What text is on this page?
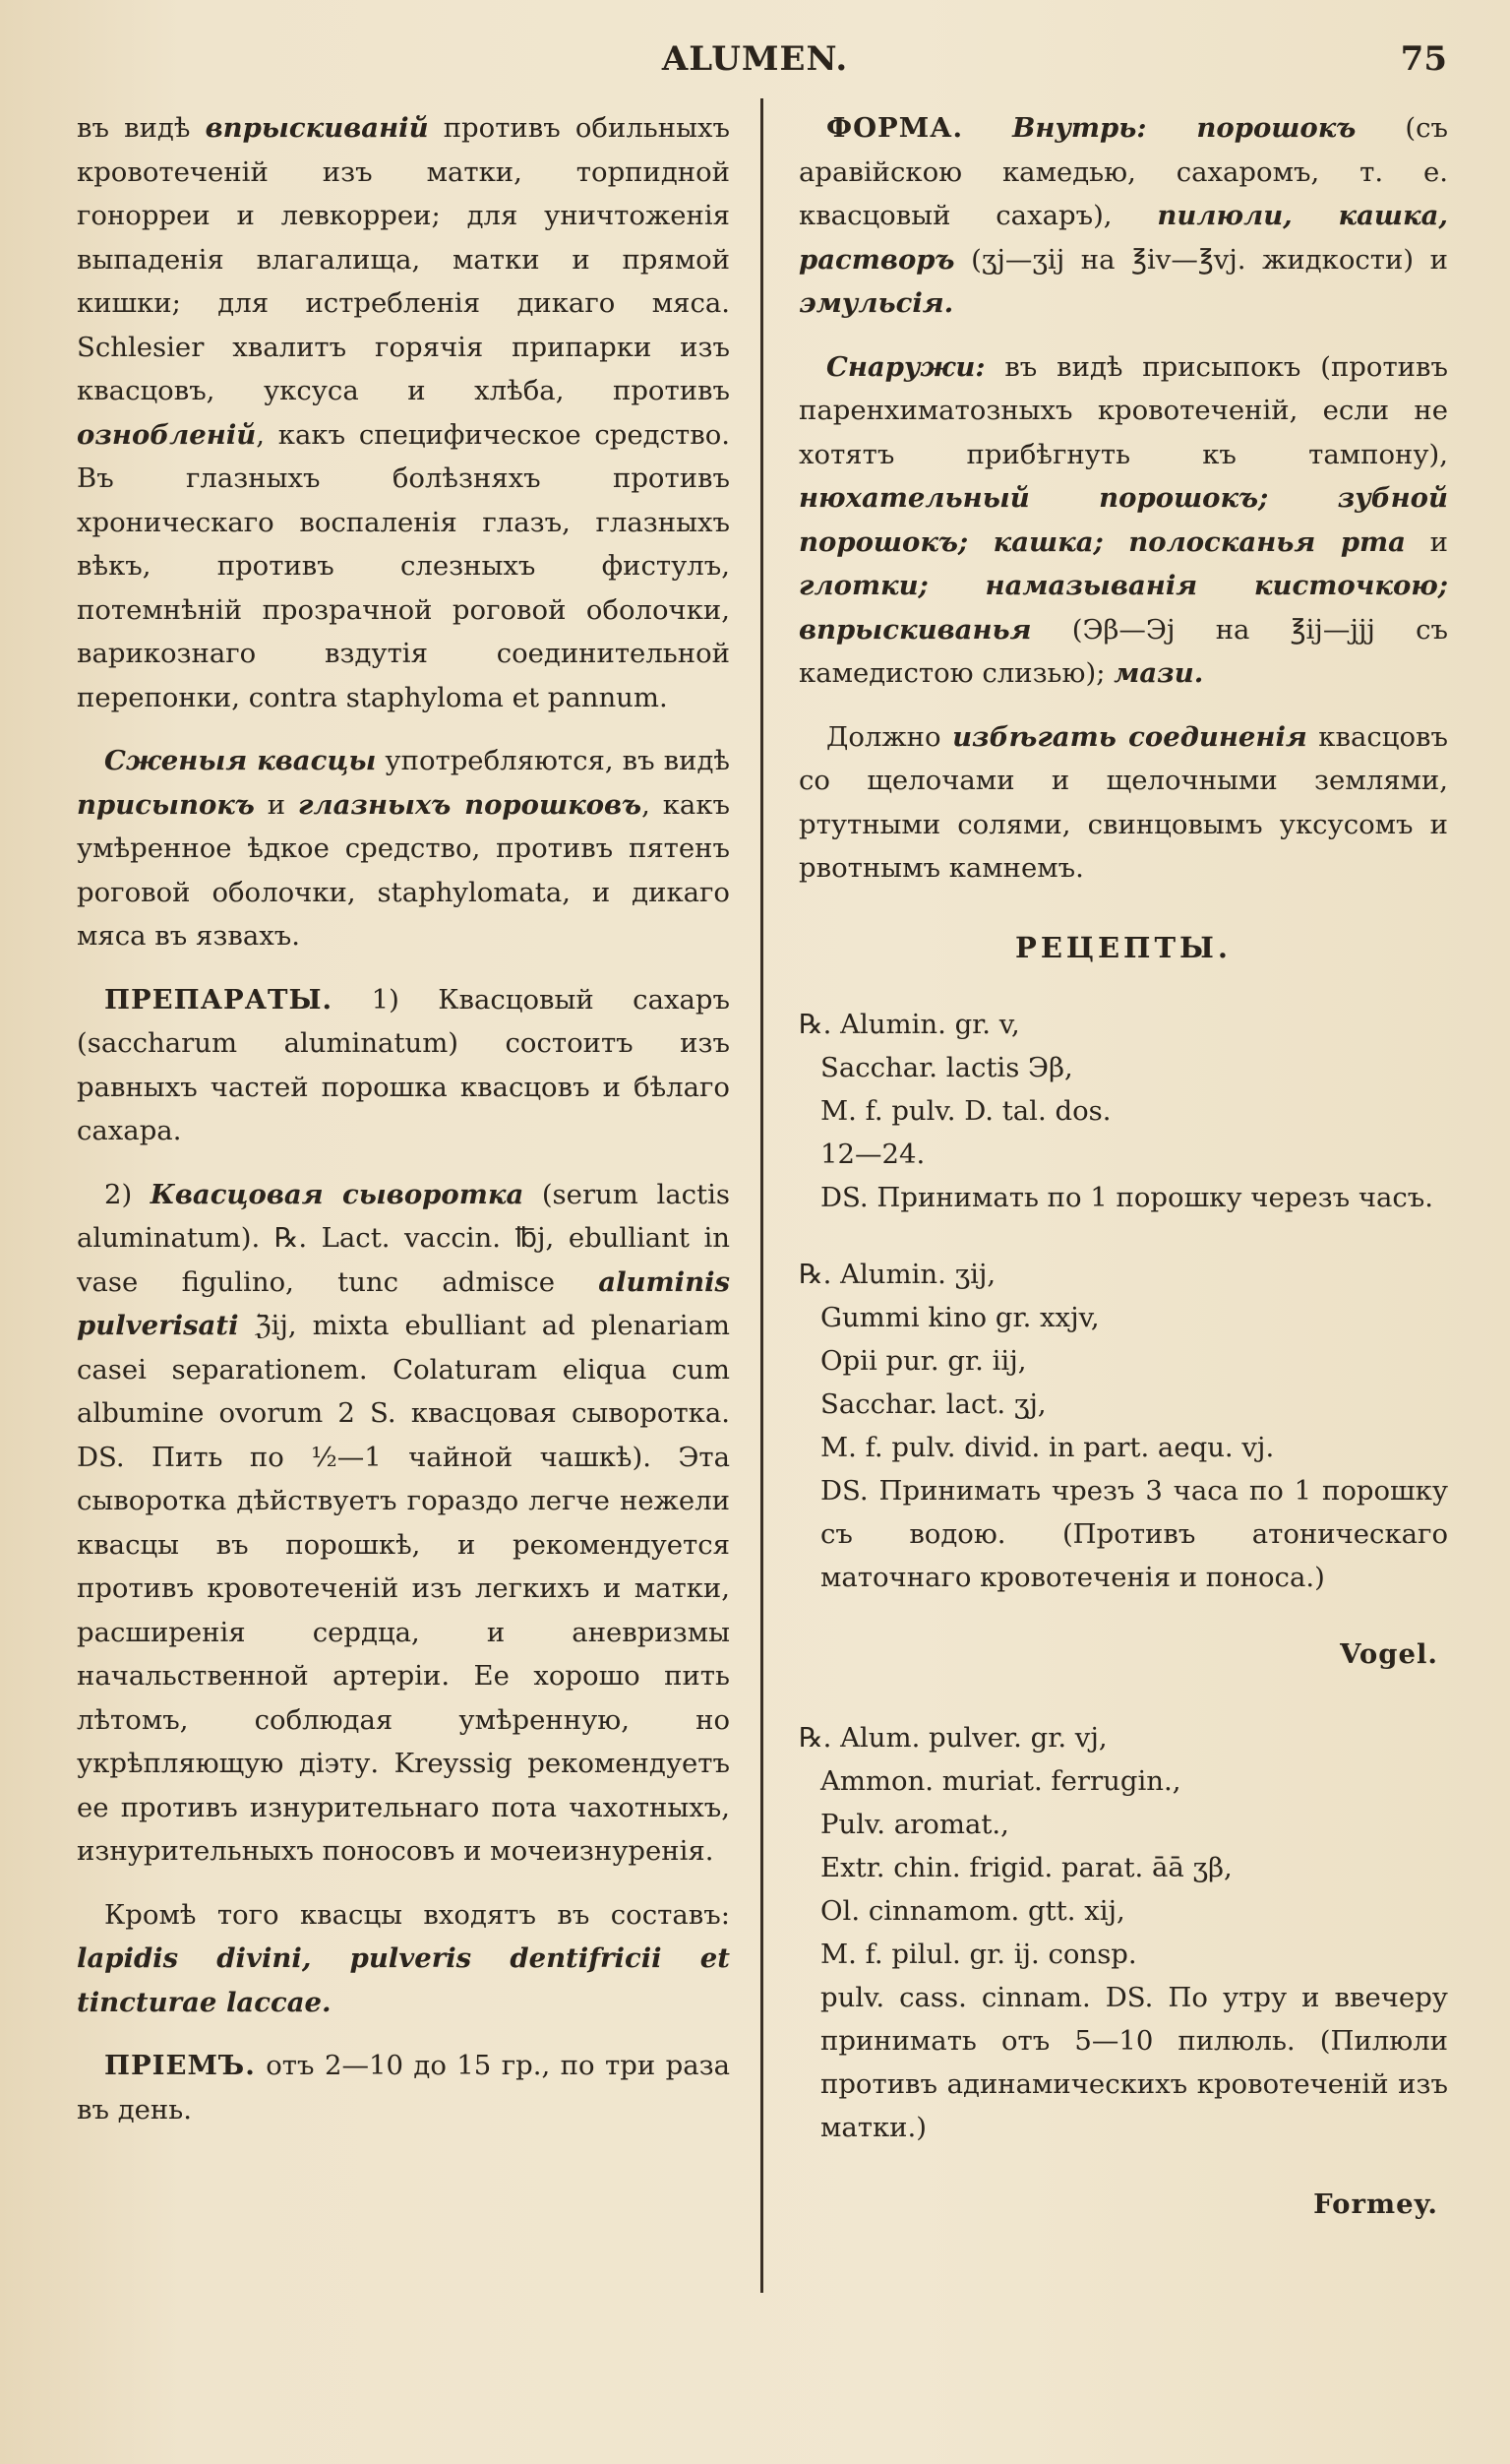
ALUMEN.	75

въ видѣ впрыскиваній противъ обильныхъ кровотеченій изъ матки, торпидной гонорреи и левкорреи; для уничтоженія выпаденія влагалища, матки и прямой кишки; для истребленія дикаго мяса. Schlesier хвалитъ горячія припарки изъ квасцовъ, уксуса и хлѣба, противъ ознобленій, какъ специфическое средство. Въ глазныхъ болѣзняхъ противъ хроническаго воспаленія глазъ, глазныхъ вѣкъ, противъ слезныхъ фистулъ, потемнѣній прозрачной роговой оболочки, варикознаго вздутія соединительной перепонки, contra staphyloma et pannum.

Сженыя квасцы употребляются, въ видѣ присыпокъ и глазныхъ порошковъ, какъ умѣренное ѣдкое средство, противъ пятенъ роговой оболочки, staphylomata, и дикаго мяса въ язвахъ.

ПРЕПАРАТЫ. 1) Квасцовый сахаръ (saccharum aluminatum) состоитъ изъ равныхъ частей порошка квасцовъ и бѣлаго сахара.

2) Квасцовая сыворотка (serum lactis aluminatum). ℞. Lact. vaccin. ℔j, ebulliant in vase figulino, tunc admisce aluminis pulverisati ℨij, mixta ebulliant ad plenariam casei separationem. Colaturam eliqua cum albumine ovorum 2 S. квасцовая сыворотка. DS. Пить по ½—1 чайной чашкѣ). Эта сыворотка дѣйствуетъ гораздо легче нежели квасцы въ порошкѣ, и рекомендуется противъ кровотеченій изъ легкихъ и матки, расширенія сердца, и аневризмы начальственной артеріи. Ее хорошо пить лѣтомъ, соблюдая умѣренную, но укрѣпляющую діэту. Kreyssig рекомендуетъ ее противъ изнурительнаго пота чахотныхъ, изнурительныхъ поносовъ и мочеизнуренія.

Кромѣ того квасцы входятъ въ составъ: lapidis divini, pulveris dentifricii et tincturae laccae.

ПРІЕМЪ. отъ 2—10 до 15 гр., по три раза въ день.

ФОРМА. Внутрь: порошокъ (съ аравійскою камедью, сахаромъ, т. е. квасцовый сахаръ), пилюли, кашка, растворъ (ʒj—ʒij на ℥iv—℥vj. жидкости) и эмульсія.

Снаружи: въ видѣ присыпокъ (противъ паренхиматозныхъ кровотеченій, если не хотятъ прибѣгнуть къ тампону), нюхательный порошокъ; зубной порошокъ; кашка; полосканья рта и глотки; намазыванія кисточкою; впрыскиванья (Эβ—Эj на ℥ij—jjj съ камедистою слизью); мази.

Должно избѣгать соединенія квасцовъ со щелочами и щелочными землями, ртутными солями, свинцовымъ уксусомъ и рвотнымъ камнемъ.

РЕЦЕПТЫ.

℞. Alumin. gr. v,

Sacchar. lactis Эβ,

M. f. pulv. D. tal. dos.

12—24.

DS. Принимать по 1 порошку черезъ часъ.

℞. Alumin. ʒij,

Gummi kino gr. xxjv,

Opii pur. gr. iij,

Sacchar. lact. ʒj,

M. f. pulv. divid. in part. aequ. vj.

DS. Принимать чрезъ 3 часа по 1 порошку съ водою. (Противъ атоническаго маточнаго кровотеченія и поноса.)

Vogel.

℞. Alum. pulver. gr. vj,

Ammon. muriat. ferrugin.,

Pulv. aromat.,

Extr. chin. frigid. parat. āā ʒβ,

Ol. cinnamom. gtt. xij,

M. f. pilul. gr. ij. consp.

pulv. cass. cinnam. DS. По утру и ввечеру принимать отъ 5—10 пилюль. (Пилюли противъ адинамическихъ кровотеченій изъ матки.)

Formey.
